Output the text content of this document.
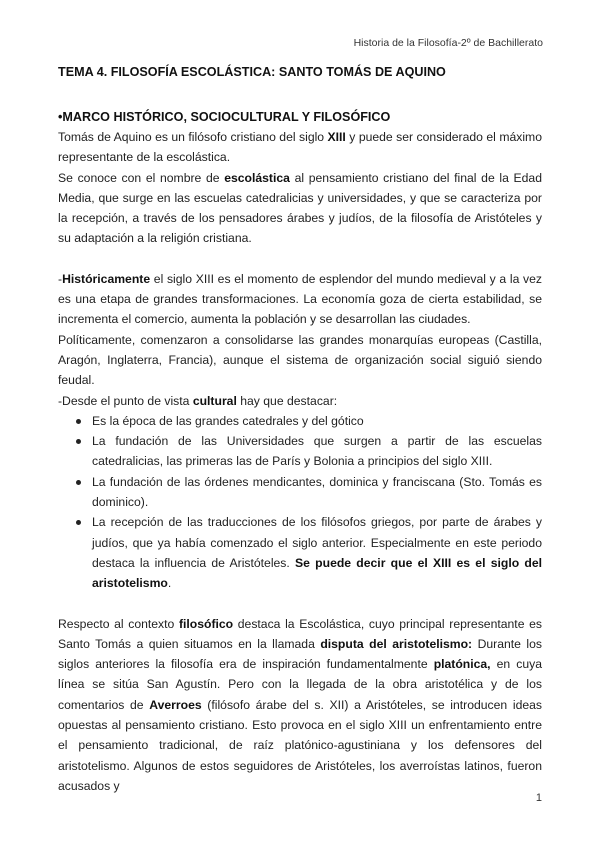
Historia de la Filosofía-2º de Bachillerato
TEMA 4. FILOSOFÍA ESCOLÁSTICA: SANTO TOMÁS DE AQUINO
•MARCO HISTÓRICO, SOCIOCULTURAL Y FILOSÓFICO

Tomás de Aquino es un filósofo cristiano del siglo XIII y puede ser considerado el máximo representante de la escolástica.

Se conoce con el nombre de escolástica al pensamiento cristiano del final de la Edad Media, que surge en las escuelas catedralicias y universidades, y que se caracteriza por la recepción, a través de los pensadores árabes y judíos, de la filosofía de Aristóteles y su adaptación a la religión cristiana.

-Históricamente el siglo XIII es el momento de esplendor del mundo medieval y a la vez es una etapa de grandes transformaciones. La economía goza de cierta estabilidad, se incrementa el comercio, aumenta la población y se desarrollan las ciudades.

Políticamente, comenzaron a consolidarse las grandes monarquías europeas (Castilla, Aragón, Inglaterra, Francia), aunque el sistema de organización social siguió siendo feudal.

-Desde el punto de vista cultural hay que destacar:

Es la época de las grandes catedrales y del gótico
La fundación de las Universidades que surgen a partir de las escuelas catedralicias, las primeras las de París y Bolonia a principios del siglo XIII.
La fundación de las órdenes mendicantes, dominica y franciscana (Sto. Tomás es dominico).
La recepción de las traducciones de los filósofos griegos, por parte de árabes y judíos, que ya había comenzado el siglo anterior. Especialmente en este periodo destaca la influencia de Aristóteles. Se puede decir que el XIII es el siglo del aristotelismo.

Respecto al contexto filosófico destaca la Escolástica, cuyo principal representante es Santo Tomás a quien situamos en la llamada disputa del aristotelismo: Durante los siglos anteriores la filosofía era de inspiración fundamentalmente platónica, en cuya línea se sitúa San Agustín. Pero con la llegada de la obra aristotélica y de los comentarios de Averroes (filósofo árabe del s. XII) a Aristóteles, se introducen ideas opuestas al pensamiento cristiano. Esto provoca en el siglo XIII un enfrentamiento entre el pensamiento tradicional, de raíz platónico-agustiniana y los defensores del aristotelismo. Algunos de estos seguidores de Aristóteles, los averroístas latinos, fueron acusados y

1
